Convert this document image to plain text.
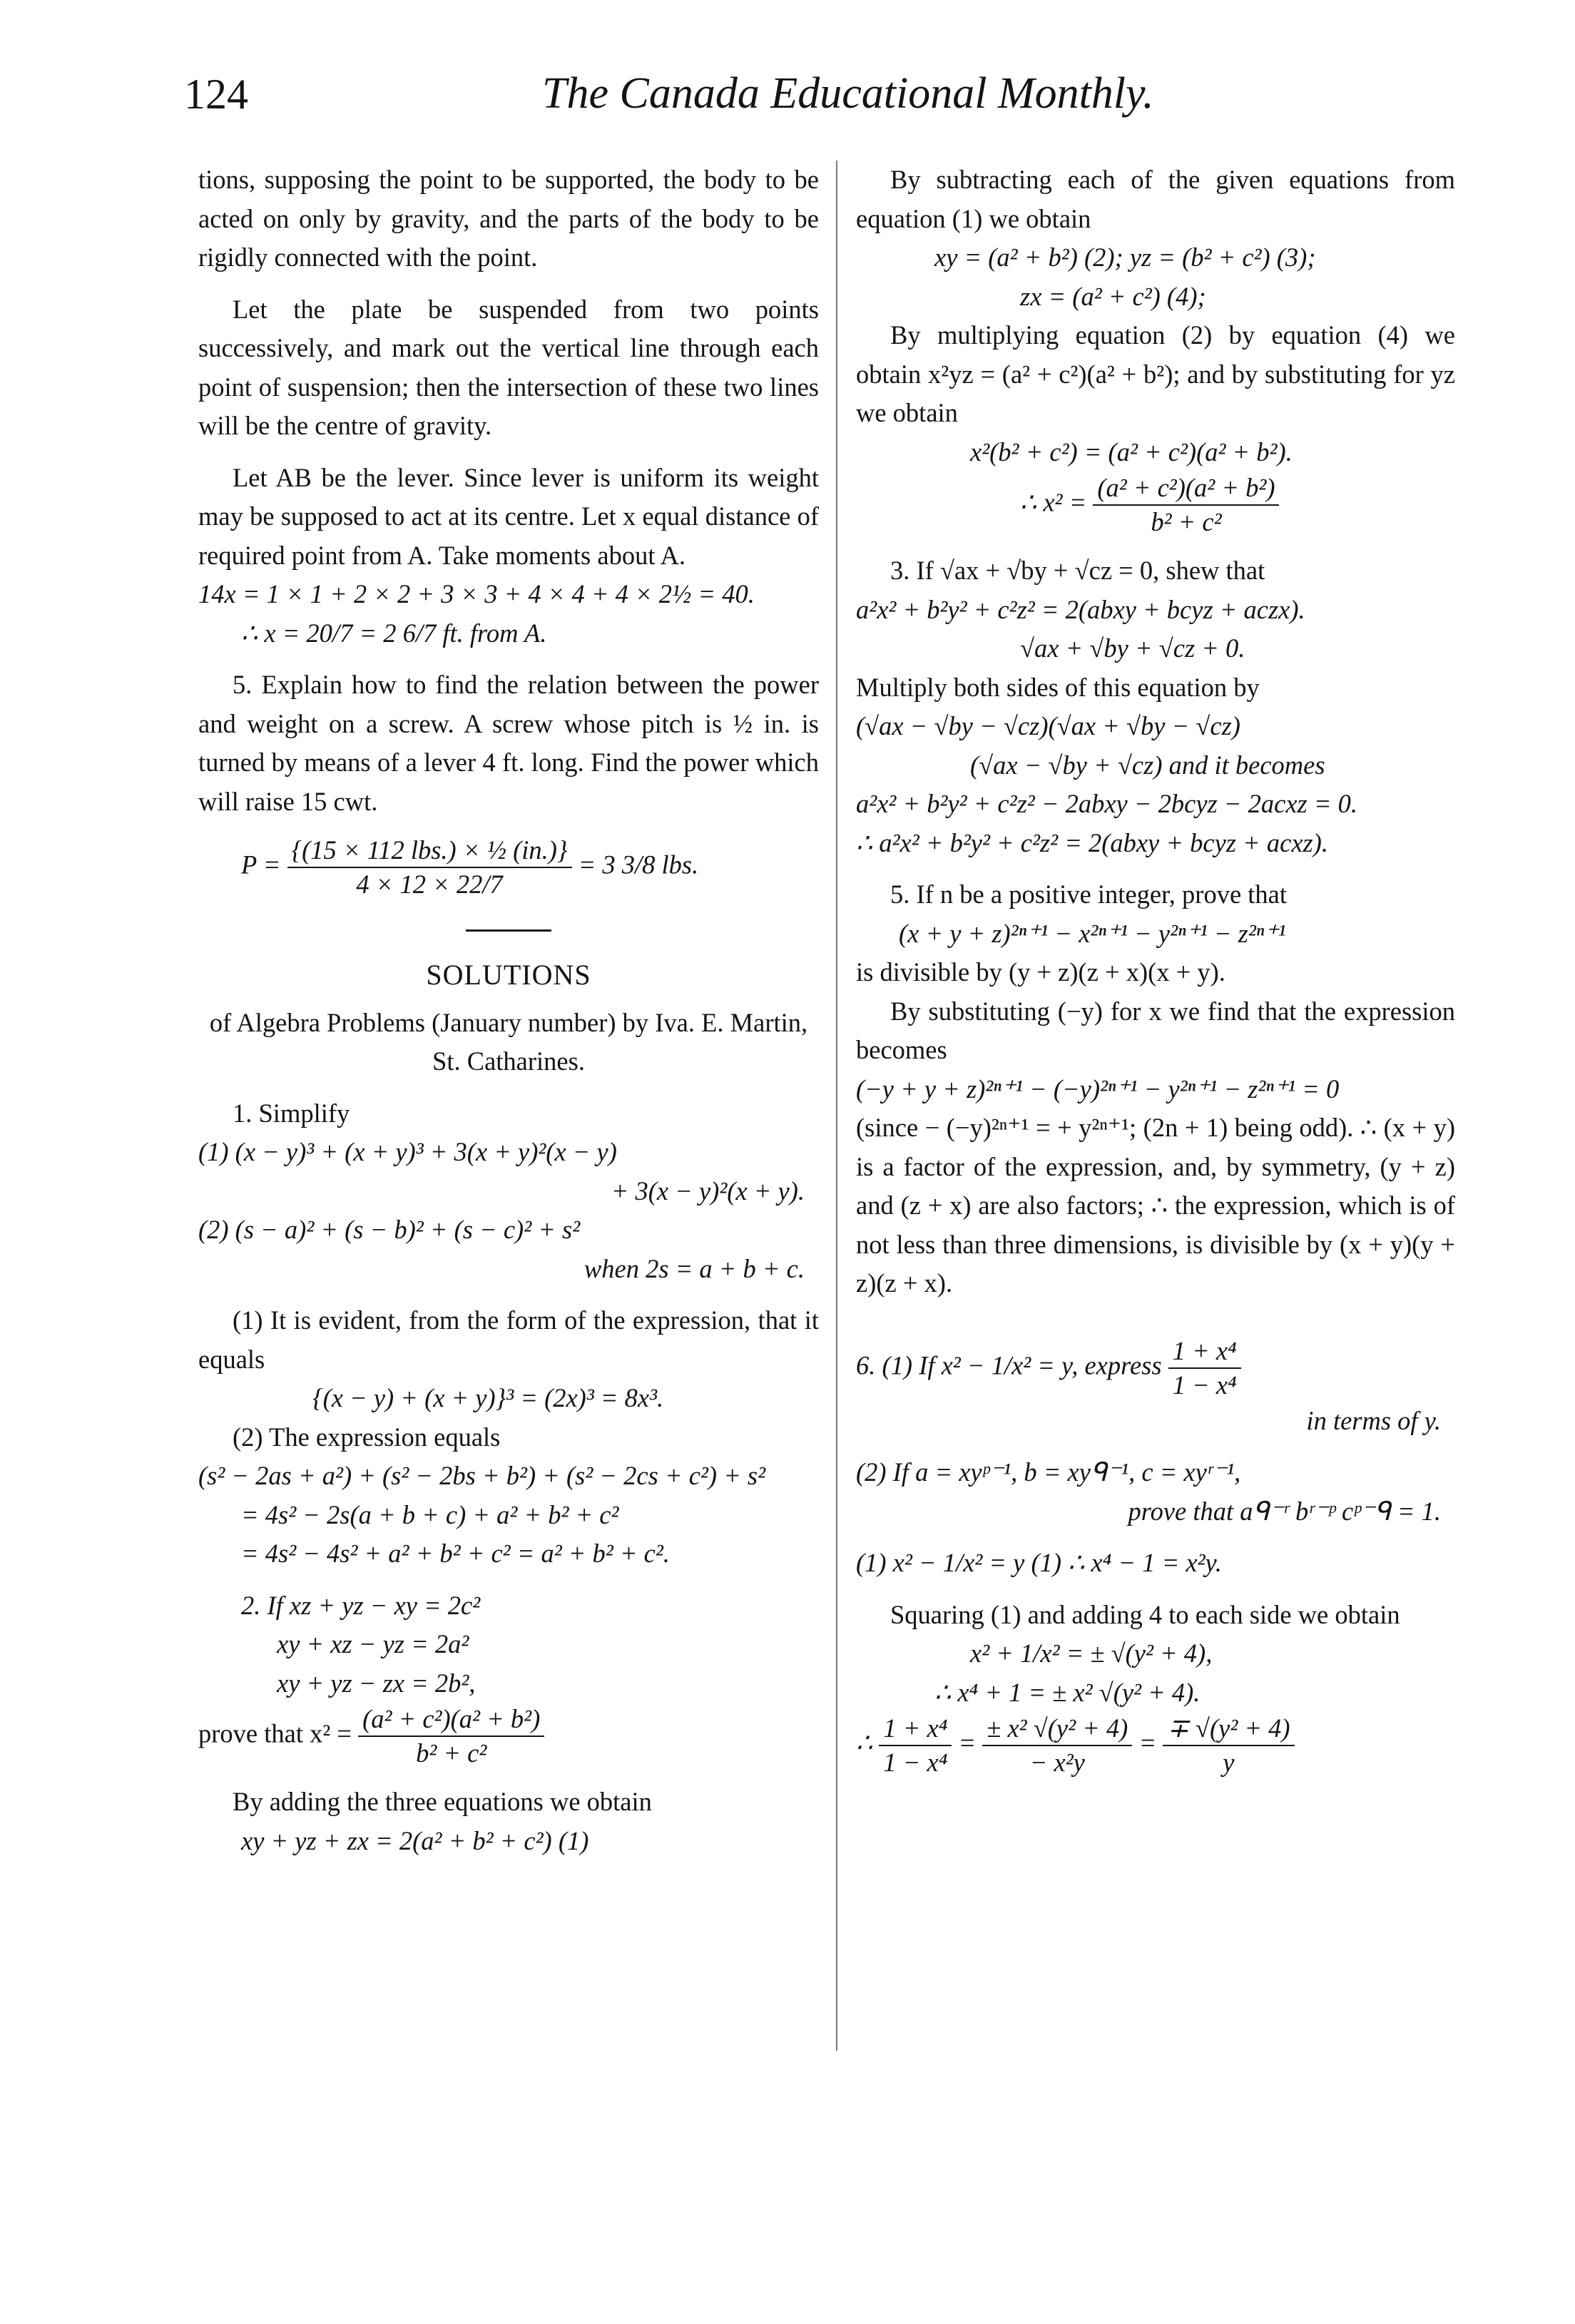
124	The Canada Educational Monthly.

tions, supposing the point to be supported, the body to be acted on only by gravity, and the parts of the body to be rigidly connected with the point.

Let the plate be suspended from two points successively, and mark out the vertical line through each point of suspension; then the intersection of these two lines will be the centre of gravity.

Let AB be the lever. Since lever is uniform its weight may be supposed to act at its centre. Let x equal distance of required point from A. Take moments about A.

14x = 1 × 1 + 2 × 2 + 3 × 3 + 4 × 4 + 4 × 2½ = 40.

∴ x = 20/7 = 2 6/7 ft. from A.

5. Explain how to find the relation between the power and weight on a screw. A screw whose pitch is ½ in. is turned by means of a lever 4 ft. long. Find the power which will raise 15 cwt.

$P = \frac{\text{\{(15 × 112 lbs.) × ½ (in.)\}}}{4 \times 12 \times 22/7} = 3$ 3/8 lbs.
SOLUTIONS

of Algebra Problems (January number) by Iva. E. Martin, St. Catharines.

1. Simplify

(1) (x − y)³ + (x + y)³ + 3(x + y)²(x − y)

+ 3(x − y)²(x + y).

(2) (s − a)² + (s − b)² + (s − c)² + s²

when 2s = a + b + c.

(1) It is evident, from the form of the expression, that it equals

{(x − y) + (x + y)}³ = (2x)³ = 8x³.

(2) The expression equals

(s² − 2as + a²) + (s² − 2bs + b²) + (s² − 2cs + c²) + s²

= 4s² − 2s(a + b + c) + a² + b² + c²

= 4s² − 4s² + a² + b² + c² = a² + b² + c².

2. If xz + yz − xy = 2c²

xy + xz − yz = 2a²

xy + yz − zx = 2b²,

prove that $x^2 = \frac{\text{(a² + c²)(a² + b²)}}{\text{b² + c²}}$

By adding the three equations we obtain

xy + yz + zx = 2(a² + b² + c²) (1)

By subtracting each of the given equations from equation (1) we obtain

xy = (a² + b²) (2); yz = (b² + c²) (3);

zx = (a² + c²) (4);

By multiplying equation (2) by equation (4) we obtain x²yz = (a² + c²)(a² + b²); and by substituting for yz we obtain

x²(b² + c²) = (a² + c²)(a² + b²).

∴ $x^2 = \frac{\text{(a² + c²)(a² + b²)}}{\text{b² + c²}}$

3. If √ax + √by + √cz = 0, shew that

a²x² + b²y² + c²z² = 2(abxy + bcyz + aczx).

√ax + √by + √cz + 0.

Multiply both sides of this equation by

(√ax − √by − √cz)(√ax + √by − √cz)

(√ax − √by + √cz) and it becomes

a²x² + b²y² + c²z² − 2abxy − 2bcyz − 2acxz = 0.

∴ a²x² + b²y² + c²z² = 2(abxy + bcyz + acxz).

5. If n be a positive integer, prove that

(x + y + z)²ⁿ⁺¹ − x²ⁿ⁺¹ − y²ⁿ⁺¹ − z²ⁿ⁺¹

is divisible by (y + z)(z + x)(x + y).

By substituting (−y) for x we find that the expression becomes

(−y + y + z)²ⁿ⁺¹ − (−y)²ⁿ⁺¹ − y²ⁿ⁺¹ − z²ⁿ⁺¹ = 0

(since − (−y)²ⁿ⁺¹ = + y²ⁿ⁺¹; (2n + 1) being odd). ∴ (x + y) is a factor of the expression, and, by symmetry, (y + z) and (z + x) are also factors; ∴ the expression, which is of not less than three dimensions, is divisible by (x + y)(y + z)(z + x).

6. (1) If x² − 1/x² = y, express $\frac{\text{1 + x⁴}}{\text{1 − x⁴}}$

in terms of y.

(2) If a = xyᵖ⁻¹, b = xyᑫ⁻¹, c = xyʳ⁻¹,

prove that aᑫ⁻ʳ bʳ⁻ᵖ cᵖ⁻ᑫ = 1.

(1) x² − 1/x² = y (1) ∴ x⁴ − 1 = x²y.

Squaring (1) and adding 4 to each side we obtain

x² + 1/x² = ± √(y² + 4),

∴ x⁴ + 1 = ± x² √(y² + 4).

∴ $\frac{\text{1 + x⁴}}{\text{1 − x⁴}} = \frac{\text{± x² √(y² + 4)}}{\text{− x²y}} = \frac{\text{∓ √(y² + 4)}}{y}$
